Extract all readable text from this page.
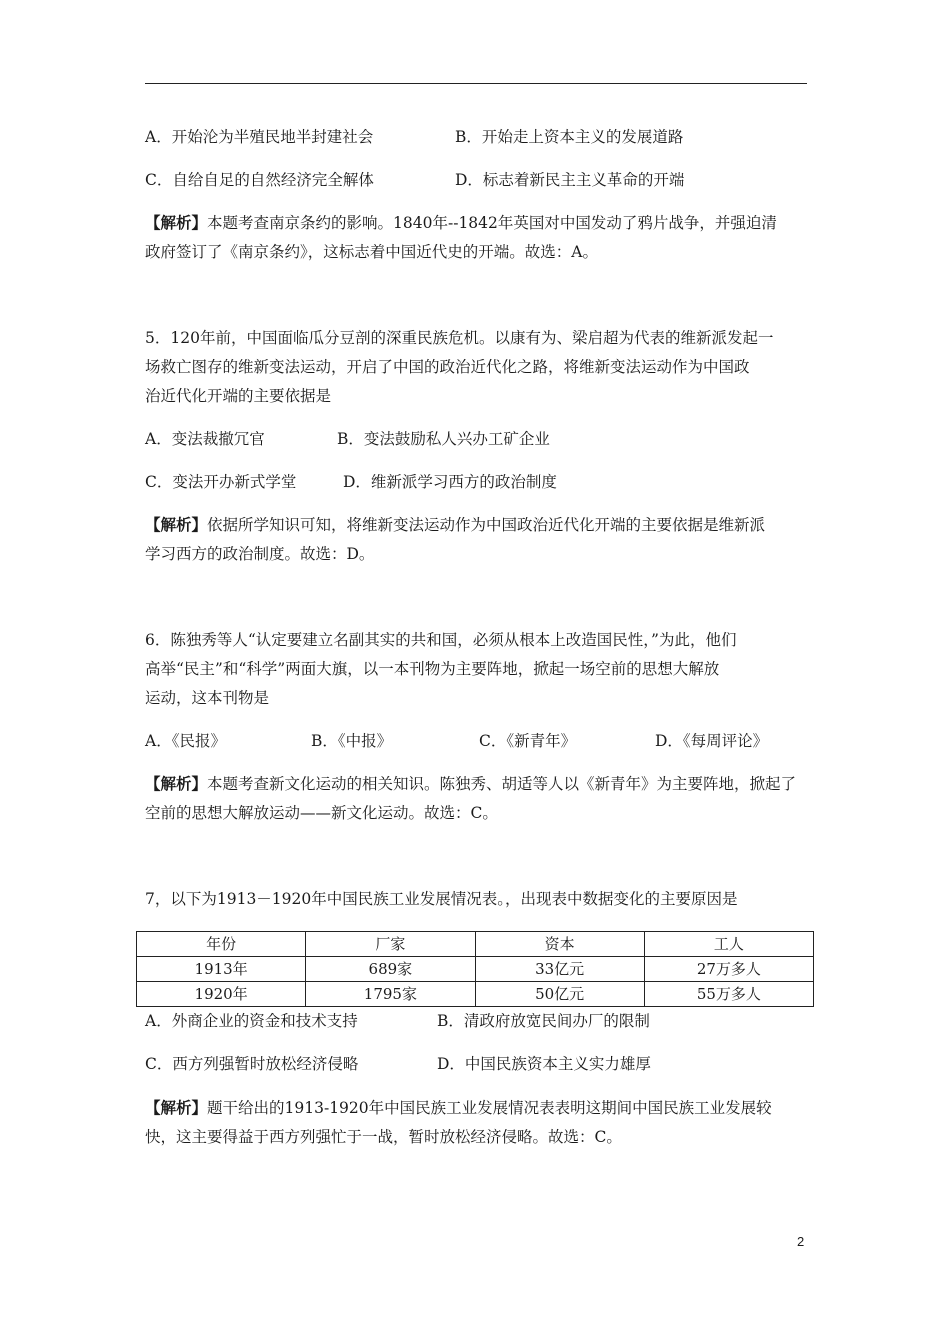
A．开始沦为半殖民地半封建社会	B．开始走上资本主义的发展道路
C．自给自足的自然经济完全解体	D．标志着新民主主义革命的开端
【解析】本题考查南京条约的影响。1840年--1842年英国对中国发动了鸦片战争，并强迫清
政府签订了《南京条约》，这标志着中国近代史的开端。故选：A。
5．120年前，中国面临瓜分豆剖的深重民族危机。以康有为、梁启超为代表的维新派发起一
场救亡图存的维新变法运动，开启了中国的政治近代化之路，将维新变法运动作为中国政
治近代化开端的主要依据是
A．变法裁撤冗官	B．变法鼓励私人兴办工矿企业
C．变法开办新式学堂	D．维新派学习西方的政治制度
【解析】依据所学知识可知，将维新变法运动作为中国政治近代化开端的主要依据是维新派
学习西方的政治制度。故选：D。
6．陈独秀等人“认定要建立名副其实的共和国，必须从根本上改造国民性，”为此，他们
高举“民主”和“科学”两面大旗，以一本刊物为主要阵地，掀起一场空前的思想大解放
运动，这本刊物是
A．《民报》	B．《中报》	C．《新青年》	D．《每周评论》
【解析】本题考查新文化运动的相关知识。陈独秀、胡适等人以《新青年》为主要阵地，掀起了
空前的思想大解放运动——新文化运动。故选：C。
7，以下为1913－1920年中国民族工业发展情况表。，出现表中数据变化的主要原因是
年份	厂家	资本	工人
1913年	689家	33亿元	27万多人
1920年	1795家	50亿元	55万多人
A．外商企业的资金和技术支持	B．清政府放宽民间办厂的限制
C．西方列强暂时放松经济侵略	D．中国民族资本主义实力雄厚
【解析】题干给出的1913-1920年中国民族工业发展情况表表明这期间中国民族工业发展较
快，这主要得益于西方列强忙于一战，暂时放松经济侵略。故选：C。
2
